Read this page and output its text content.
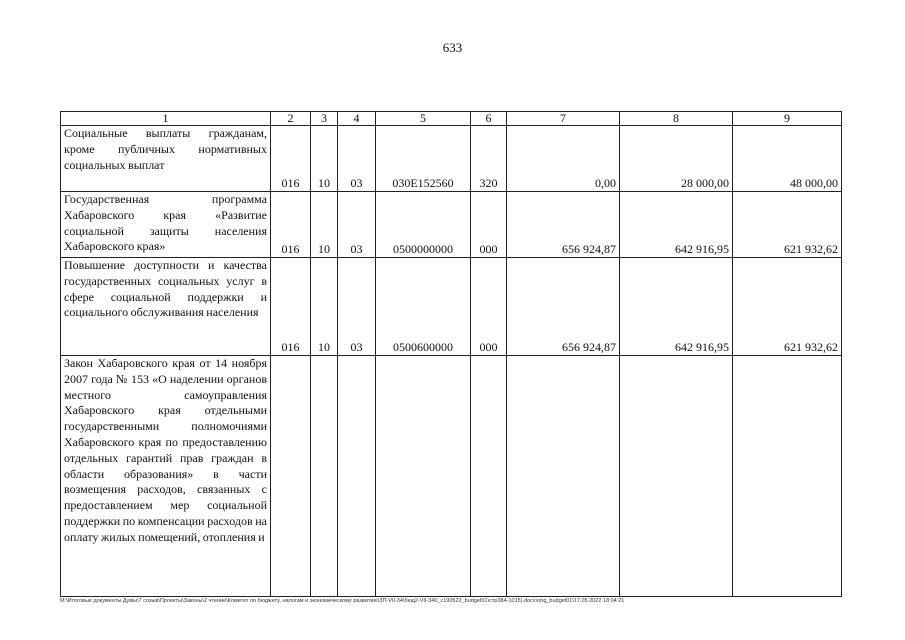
633
1	2	3	4	5	6	7	8	9
Социальные выплаты гражданам, кроме публичных нормативных социальных выплат	016	10	03	030E152560	320	0,00	28 000,00	48 000,00
Государственная программа Хабаровского края «Развитие социальной защиты населения Хабаровского края»	016	10	03	0500000000	000	656 924,87	642 916,95	621 932,62
Повышение доступности и качества государственных социальных услуг в сфере социальной поддержки и социального обслуживания населения	016	10	03	0500600000	000	656 924,87	642 916,95	621 932,62
Закон Хабаровского края от 14 ноября 2007 года № 153 «О наделении органов местного самоуправления Хабаровского края отдельными государственными полномочиями Хабаровского края по предоставлению отдельных гарантий прав граждан в области образования» в части возмещения расходов, связанных с предоставлением мер социальной поддержки по компенсации расходов на оплату жилых помещений, отопления и								
M:\Итоговые документы Думы\7 созыв\Проекты\Законы\2 чтение\Комитет по бюджету, налогам и экономическому развитию\ЗП-VII-34\бюд2-VII-340_с190522_budget01\стр384-1015).docx\orig_budget01\17.05.2022 18:04:21
